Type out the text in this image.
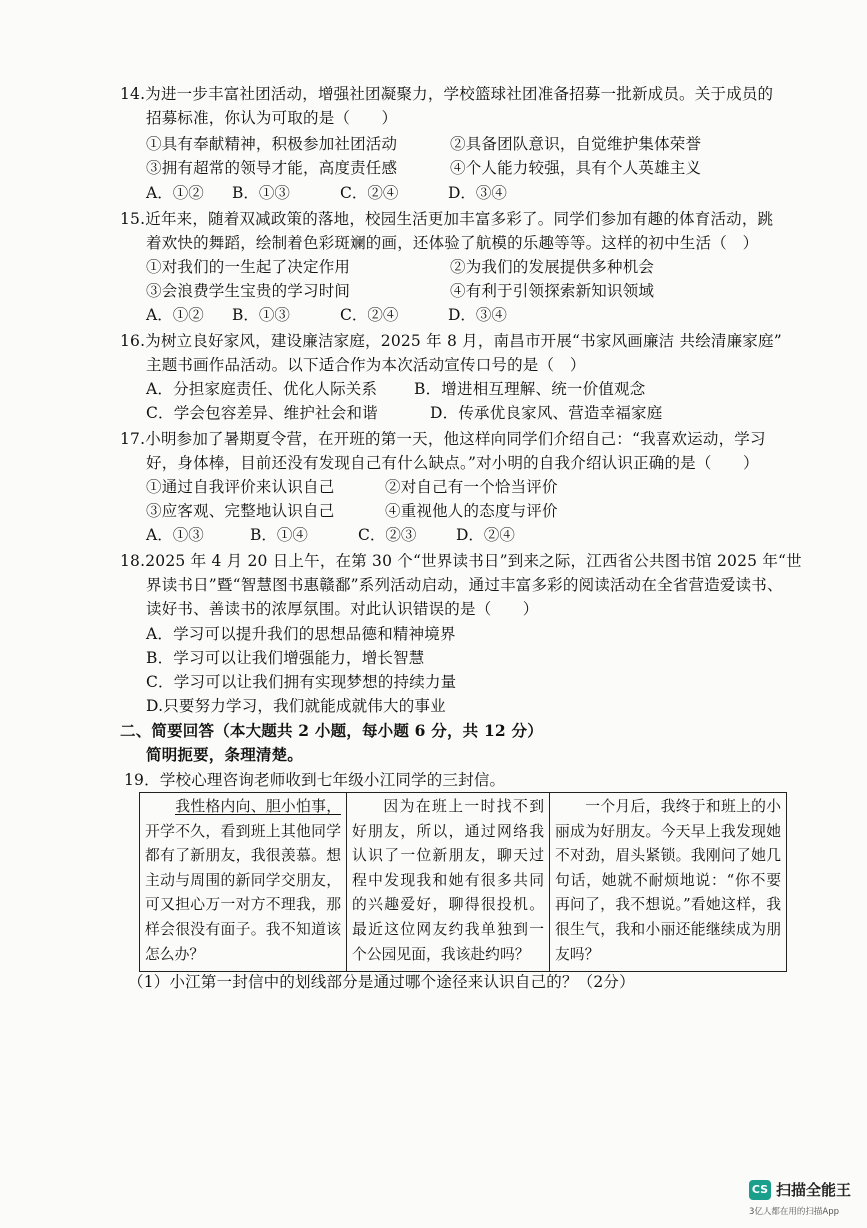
14.为进一步丰富社团活动，增强社团凝聚力，学校篮球社团准备招募一批新成员。关于成员的
招募标准，你认为可取的是（　　）
①具有奉献精神，积极参加社团活动	②具备团队意识，自觉维护集体荣誉
③拥有超常的领导才能，高度责任感	④个人能力较强，具有个人英雄主义
A．①② B．①③	C．②④	D．③④
15.近年来，随着双减政策的落地，校园生活更加丰富多彩了。同学们参加有趣的体育活动，跳
着欢快的舞蹈，绘制着色彩斑斓的画，还体验了航模的乐趣等等。这样的初中生活（　）
①对我们的一生起了决定作用	②为我们的发展提供多种机会
③会浪费学生宝贵的学习时间	④有利于引领探索新知识领域
A．①② B．①③	C．②④	D．③④
16.为树立良好家风，建设廉洁家庭，2025 年 8 月，南昌市开展“书家风画廉洁 共绘清廉家庭”
主题书画作品活动。以下适合作为本次活动宣传口号的是（　）
A．分担家庭责任、优化人际关系 B．增进相互理解、统一价值观念
C．学会包容差异、维护社会和谐	D．传承优良家风、营造幸福家庭
17.小明参加了暑期夏令营，在开班的第一天，他这样向同学们介绍自己：“我喜欢运动，学习
好，身体棒，目前还没有发现自己有什么缺点。”对小明的自我介绍认识正确的是（　　）
①通过自我评价来认识自己	②对自己有一个恰当评价
③应客观、完整地认识自己	④重视他人的态度与评价
A．①③	B．①④	C．②③	D．②④
18.2025 年 4 月 20 日上午，在第 30 个“世界读书日”到来之际，江西省公共图书馆 2025 年“世
界读书日”暨“智慧图书惠赣鄱”系列活动启动，通过丰富多彩的阅读活动在全省营造爱读书、
读好书、善读书的浓厚氛围。对此认识错误的是（　　）
A．学习可以提升我们的思想品德和精神境界
B．学习可以让我们增强能力，增长智慧
C．学习可以让我们拥有实现梦想的持续力量
D.只要努力学习，我们就能成就伟大的事业
二、简要回答（本大题共 2 小题，每小题 6 分，共 12 分）
简明扼要，条理清楚。
19．学校心理咨询老师收到七年级小江同学的三封信。
我性格内向、胆小怕事，开学不久，看到班上其他同学都有了新朋友，我很羡慕。想主动与周围的新同学交朋友，可又担心万一对方不理我，那样会很没有面子。我不知道该怎么办？	因为在班上一时找不到好朋友，所以，通过网络我认识了一位新朋友，聊天过程中发现我和她有很多共同的兴趣爱好，聊得很投机。最近这位网友约我单独到一个公园见面，我该赴约吗？	一个月后，我终于和班上的小丽成为好朋友。今天早上我发现她不对劲，眉头紧锁。我刚问了她几句话，她就不耐烦地说：“你不要再问了，我不想说。”看她这样，我很生气，我和小丽还能继续成为朋友吗？
（1）小江第一封信中的划线部分是通过哪个途径来认识自己的？（2分）
CS 扫描全能王
3亿人都在用的扫描App
